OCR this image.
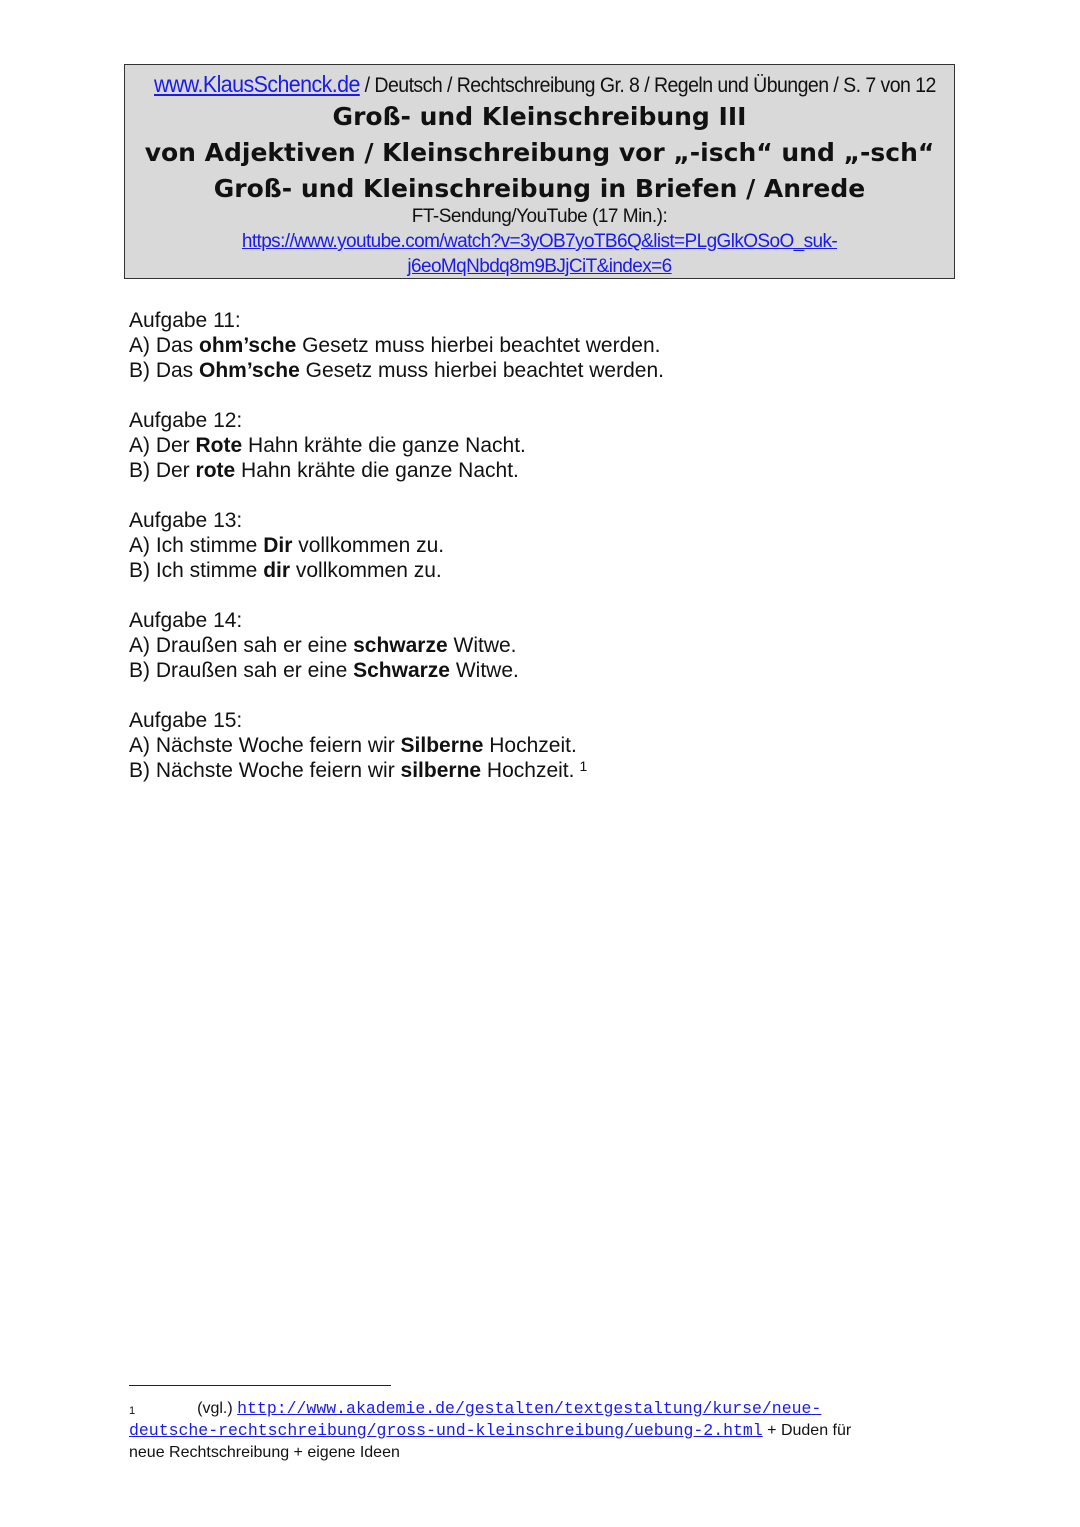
www.KlausSchenck.de / Deutsch / Rechtschreibung Gr. 8 / Regeln und Übungen / S. 7 von 12
Groß- und Kleinschreibung III
von Adjektiven / Kleinschreibung vor „-isch“ und „-sch“
Groß- und Kleinschreibung in Briefen / Anrede
FT-Sendung/YouTube (17 Min.):
https://www.youtube.com/watch?v=3yOB7yoTB6Q&list=PLgGlkOSoO_suk-
j6eoMqNbdq8m9BJjCiT&index=6
Aufgabe 11:
A) Das ohm’sche Gesetz muss hierbei beachtet werden.
B) Das Ohm’sche Gesetz muss hierbei beachtet werden.
Aufgabe 12:
A) Der Rote Hahn krähte die ganze Nacht.
B) Der rote Hahn krähte die ganze Nacht.
Aufgabe 13:
A) Ich stimme Dir vollkommen zu.
B) Ich stimme dir vollkommen zu.
Aufgabe 14:
A) Draußen sah er eine schwarze Witwe.
B) Draußen sah er eine Schwarze Witwe.
Aufgabe 15:
A) Nächste Woche feiern wir Silberne Hochzeit.
B) Nächste Woche feiern wir silberne Hochzeit. $^1$
$^1$	(vgl.) http://www.akademie.de/gestalten/textgestaltung/kurse/neue-
deutsche-rechtschreibung/gross-und-kleinschreibung/uebung-2.html + Duden für
neue Rechtschreibung + eigene Ideen
